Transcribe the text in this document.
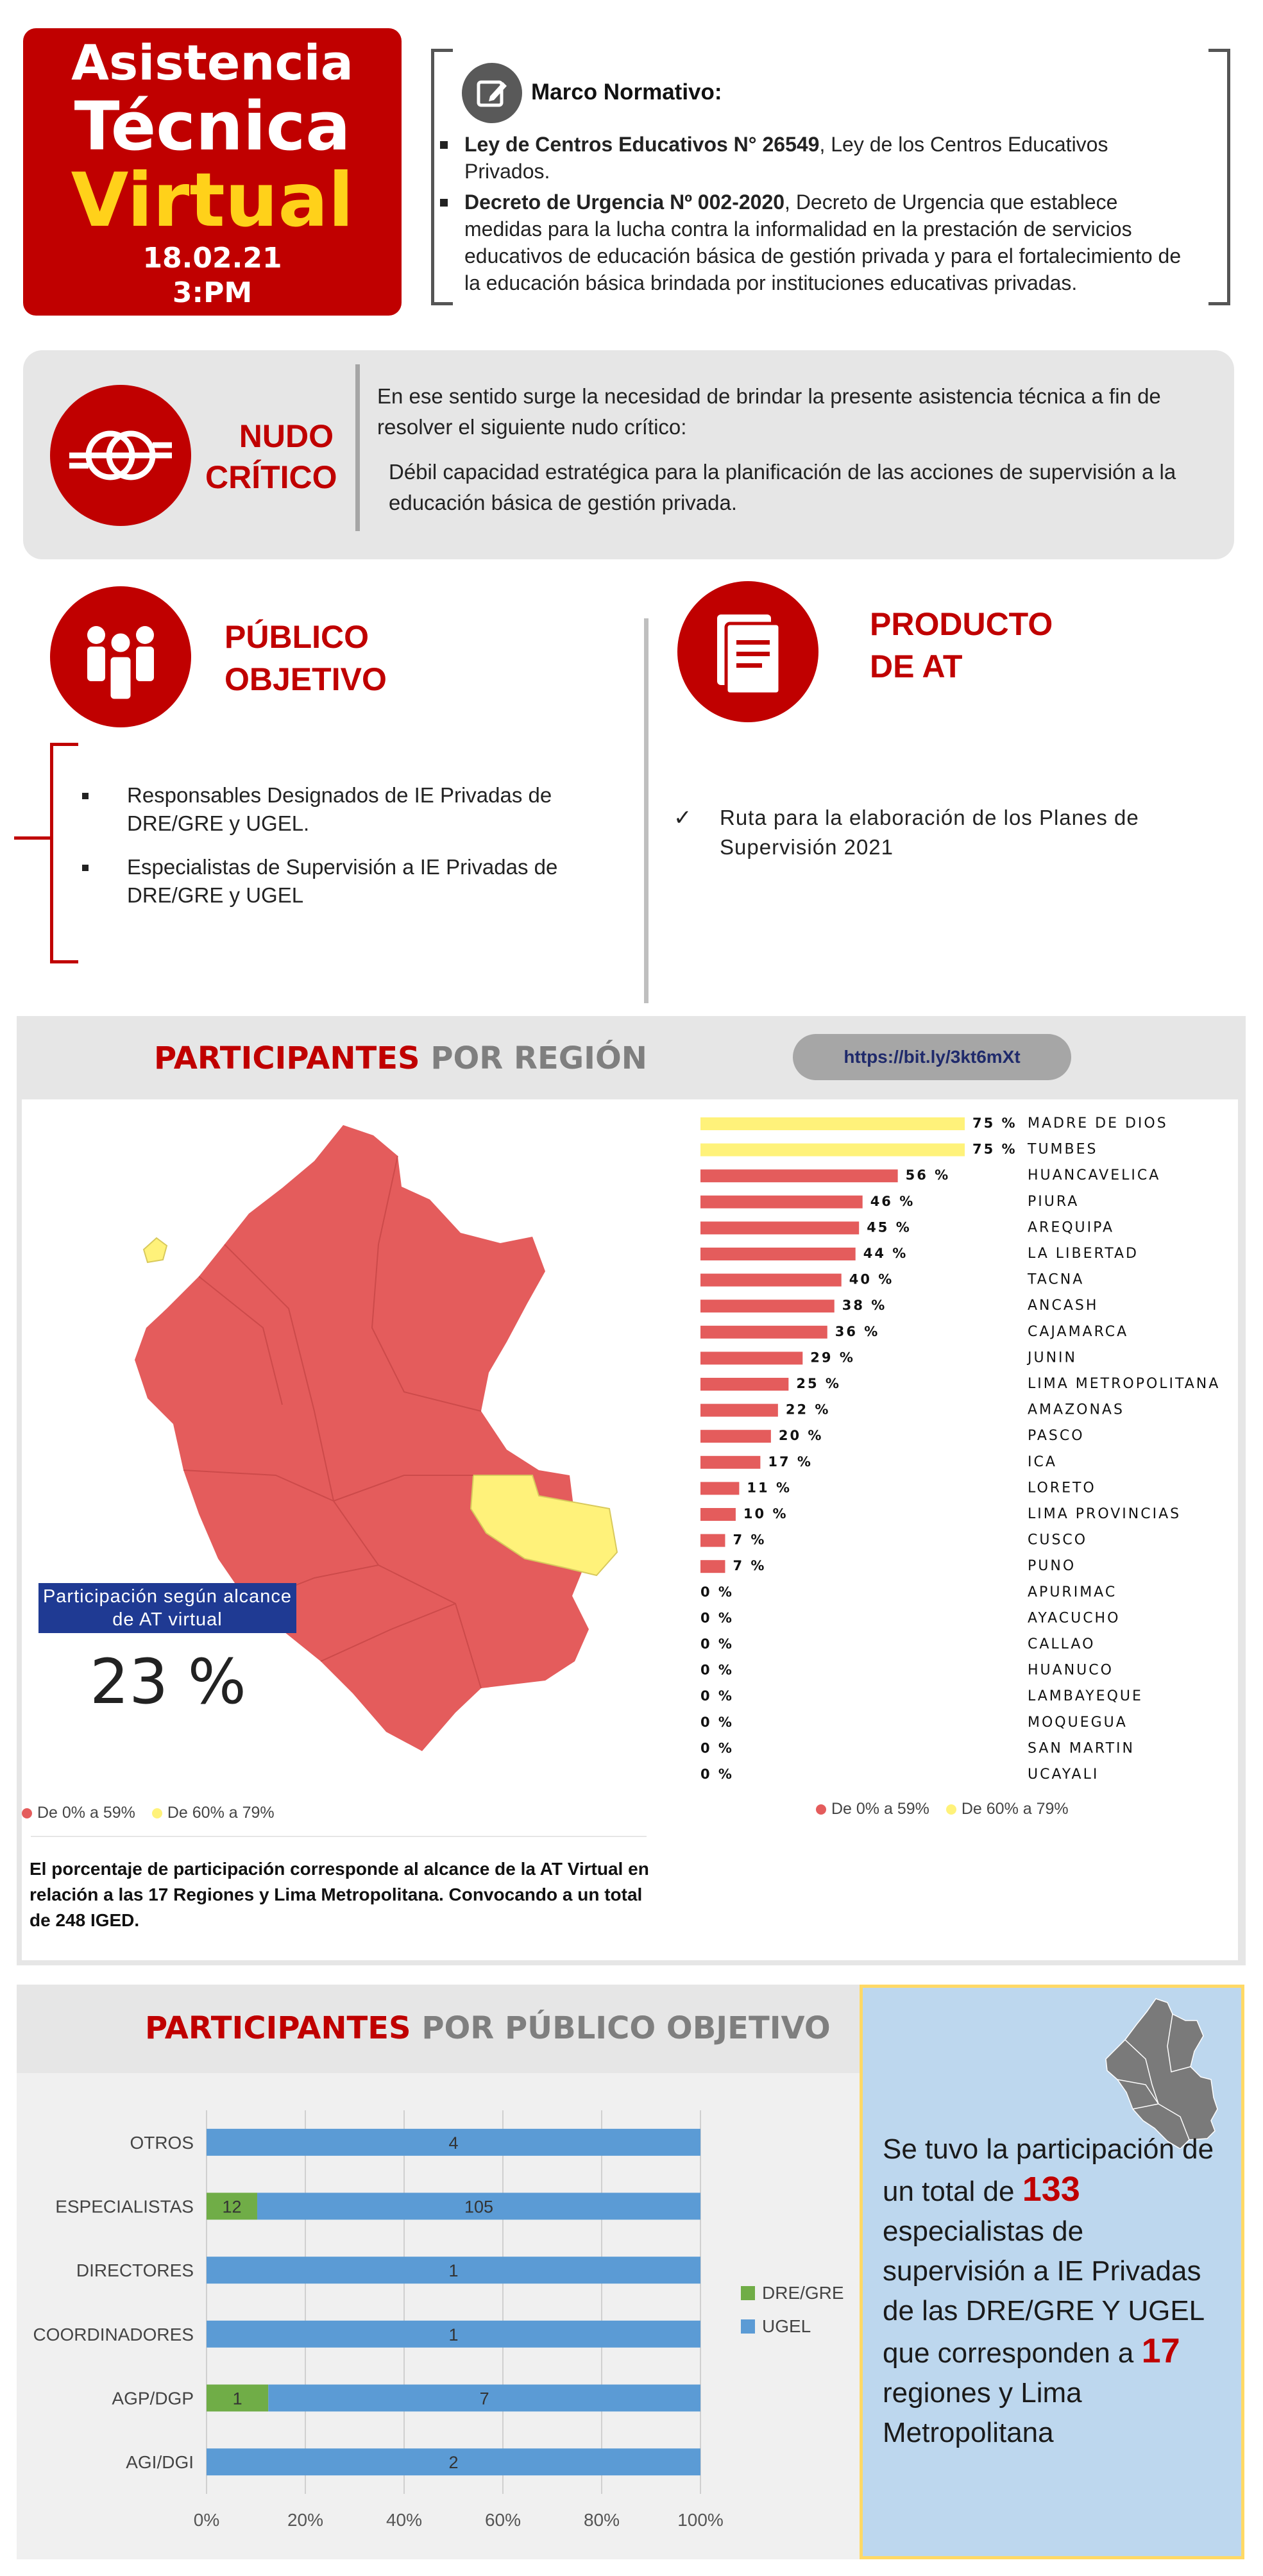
Asistencia
Técnica
Virtual
18.02.21
3:PM
Marco Normativo:
Ley de Centros Educativos N° 26549, Ley de los Centros Educativos Privados.
Decreto de Urgencia Nº 002-2020, Decreto de Urgencia que establece medidas para la lucha contra la informalidad en la prestación de servicios educativos de educación básica de gestión privada y para el fortalecimiento de la educación básica brindada por instituciones educativas privadas.
NUDO
CRÍTICO
En ese sentido surge la necesidad de brindar la presente asistencia técnica a fin de resolver el siguiente nudo crítico:
Débil capacidad estratégica para la planificación de las acciones de supervisión a la educación básica de gestión privada.
PÚBLICO
OBJETIVO
PRODUCTO
DE AT
Responsables Designados de IE Privadas de DRE/GRE y UGEL.
Especialistas de Supervisión a IE Privadas de DRE/GRE y UGEL
✓ Ruta para la elaboración de los Planes de Supervisión 2021
PARTICIPANTES POR REGIÓN	https://bit.ly/3kt6mXt
Participación según alcance de AT virtual
23 %
De 0% a 59% De 60% a 79%
El porcentaje de participación corresponde al alcance de la AT Virtual en relación a las 17 Regiones y Lima Metropolitana. Convocando a un total de 248 IGED.
75 % MADRE DE DIOS
75 % TUMBES
56 %	HUANCAVELICA
46 %	PIURA
45 %	AREQUIPA
44 %	LA LIBERTAD
40 %	TACNA
38 %	ANCASH
36 %	CAJAMARCA
29 %	JUNIN
25 %	LIMA METROPOLITANA
22 %	AMAZONAS
20 %	PASCO
17 %	ICA
11 %	LORETO
10 %	LIMA PROVINCIAS
7 %	CUSCO
7 %	PUNO
0 %	APURIMAC
0 %	AYACUCHO
0 %	CALLAO
0 %	HUANUCO
0 %	LAMBAYEQUE
0 %	MOQUEGUA
0 %	SAN MARTIN
0 %	UCAYALI
De 0% a 59% De 60% a 79%
PARTICIPANTES POR PÚBLICO OBJETIVO
0%	20%	40%	60%	80%	100%
OTROS	4
ESPECIALISTAS 12	105
DIRECTORES	1
COORDINADORES	1
AGP/DGP 1	7
AGI/DGI	2
DRE/GRE
UGEL
Se tuvo la participación de un total de 133 especialistas de supervisión a IE Privadas de las DRE/GRE Y UGEL que corresponden a 17 regiones y Lima Metropolitana
